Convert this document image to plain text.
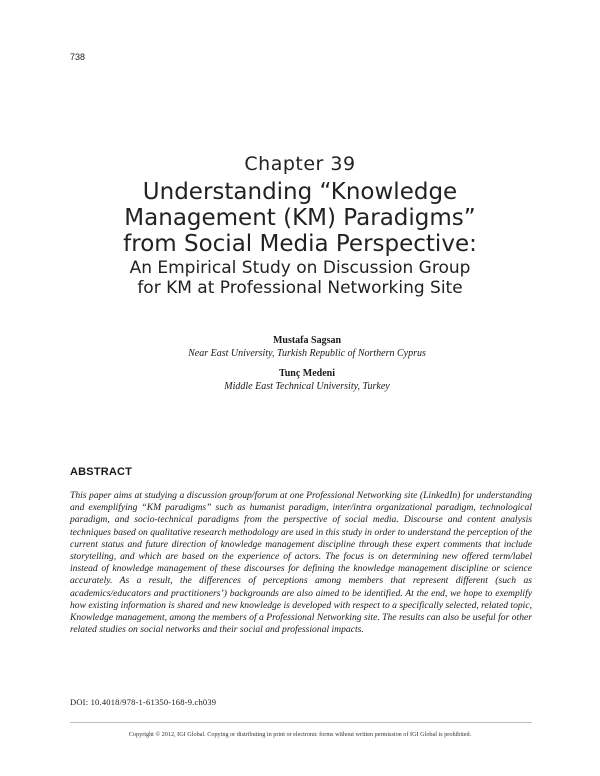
738
Chapter 39
Understanding “Knowledge
Management (KM) Paradigms”
from Social Media Perspective:
An Empirical Study on Discussion Group
for KM at Professional Networking Site
Mustafa Sagsan
Near East University, Turkish Republic of Northern Cyprus
Tunç Medeni
Middle East Technical University, Turkey
ABSTRACT
This paper aims at studying a discussion group/forum at one Professional Networking site (LinkedIn) for understanding and exemplifying “KM paradigms” such as humanist paradigm, inter/intra organizational paradigm, technological paradigm, and socio-technical paradigms from the perspective of social media. Discourse and content analysis techniques based on qualitative research methodology are used in this study in order to understand the perception of the current status and future direction of knowledge management discipline through these expert comments that include storytelling, and which are based on the experience of actors. The focus is on determining new offered term/label instead of knowledge management of these discourses for defining the knowledge management discipline or science accurately. As a result, the differences of perceptions among members that represent different (such as academics/educators and practitioners’) backgrounds are also aimed to be identified. At the end, we hope to exemplify how existing information is shared and new knowledge is developed with respect to a specifically selected, related topic, Knowledge management, among the members of a Professional Networking site. The results can also be useful for other related studies on social networks and their social and professional impacts.
DOI: 10.4018/978-1-61350-168-9.ch039
Copyright © 2012, IGI Global. Copying or distributing in print or electronic forms without written permission of IGI Global is prohibited.
